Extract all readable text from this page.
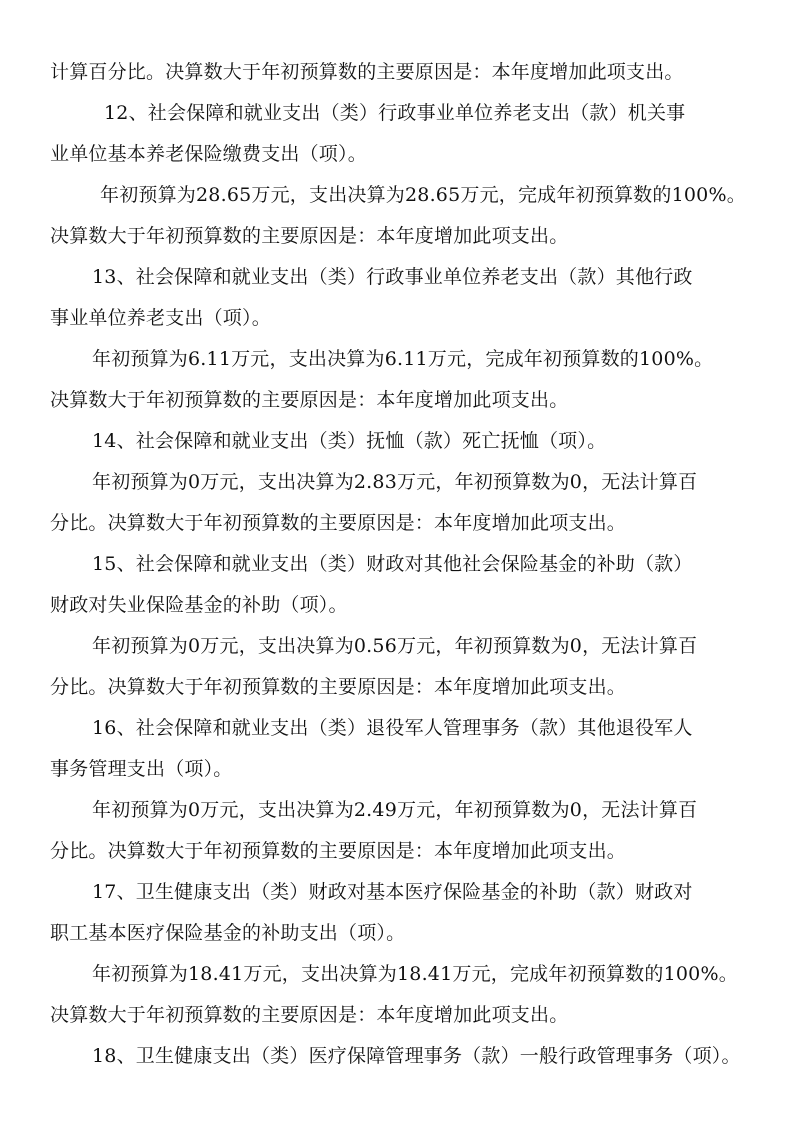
计算百分比。决算数大于年初预算数的主要原因是：本年度增加此项支出。
12、社会保障和就业支出（类）行政事业单位养老支出（款）机关事
业单位基本养老保险缴费支出（项）。
年初预算为28.65万元，支出决算为28.65万元，完成年初预算数的100%。
决算数大于年初预算数的主要原因是：本年度增加此项支出。
13、社会保障和就业支出（类）行政事业单位养老支出（款）其他行政
事业单位养老支出（项）。
年初预算为6.11万元，支出决算为6.11万元，完成年初预算数的100%。
决算数大于年初预算数的主要原因是：本年度增加此项支出。
14、社会保障和就业支出（类）抚恤（款）死亡抚恤（项）。
年初预算为0万元，支出决算为2.83万元，年初预算数为0，无法计算百
分比。决算数大于年初预算数的主要原因是：本年度增加此项支出。
15、社会保障和就业支出（类）财政对其他社会保险基金的补助（款）
财政对失业保险基金的补助（项）。
年初预算为0万元，支出决算为0.56万元，年初预算数为0，无法计算百
分比。决算数大于年初预算数的主要原因是：本年度增加此项支出。
16、社会保障和就业支出（类）退役军人管理事务（款）其他退役军人
事务管理支出（项）。
年初预算为0万元，支出决算为2.49万元，年初预算数为0，无法计算百
分比。决算数大于年初预算数的主要原因是：本年度增加此项支出。
17、卫生健康支出（类）财政对基本医疗保险基金的补助（款）财政对
职工基本医疗保险基金的补助支出（项）。
年初预算为18.41万元，支出决算为18.41万元，完成年初预算数的100%。
决算数大于年初预算数的主要原因是：本年度增加此项支出。
18、卫生健康支出（类）医疗保障管理事务（款）一般行政管理事务（项）。
